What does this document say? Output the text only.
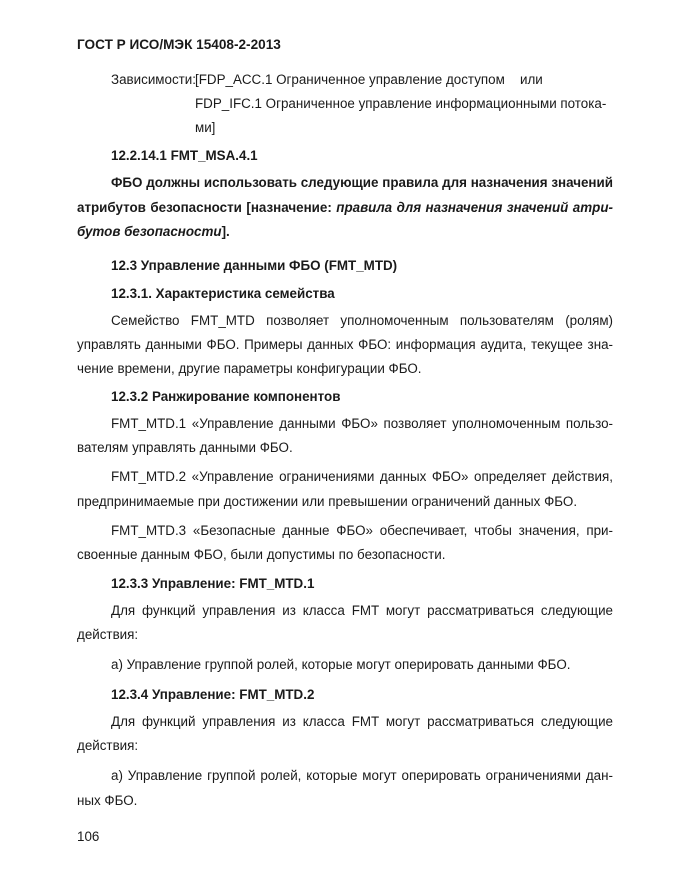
ГОСТ Р ИСО/МЭК 15408-2-2013
Зависимости: [FDP_ACC.1 Ограниченное управление доступом или
FDP_IFC.1 Ограниченное управление информационными потока-
ми]
12.2.14.1 FMT_MSA.4.1
ФБО должны использовать следующие правила для назначения значений
атрибутов безопасности [назначение: правила для назначения значений атри-
бутов безопасности].
12.3 Управление данными ФБО (FMT_MTD)
12.3.1. Характеристика семейства
Семейство FMT_MTD позволяет уполномоченным пользователям (ролям)
управлять данными ФБО. Примеры данных ФБО: информация аудита, текущее зна-
чение времени, другие параметры конфигурации ФБО.
12.3.2 Ранжирование компонентов
FMT_MTD.1 «Управление данными ФБО» позволяет уполномоченным пользо-
вателям управлять данными ФБО.
FMT_MTD.2 «Управление ограничениями данных ФБО» определяет действия,
предпринимаемые при достижении или превышении ограничений данных ФБО.
FMT_MTD.3 «Безопасные данные ФБО» обеспечивает, чтобы значения, при-
своенные данным ФБО, были допустимы по безопасности.
12.3.3 Управление: FMT_MTD.1
Для функций управления из класса FMT могут рассматриваться следующие
действия:
а) Управление группой ролей, которые могут оперировать данными ФБО.
12.3.4 Управление: FMT_MTD.2
Для функций управления из класса FMT могут рассматриваться следующие
действия:
а) Управление группой ролей, которые могут оперировать ограничениями дан-
ных ФБО.
106
